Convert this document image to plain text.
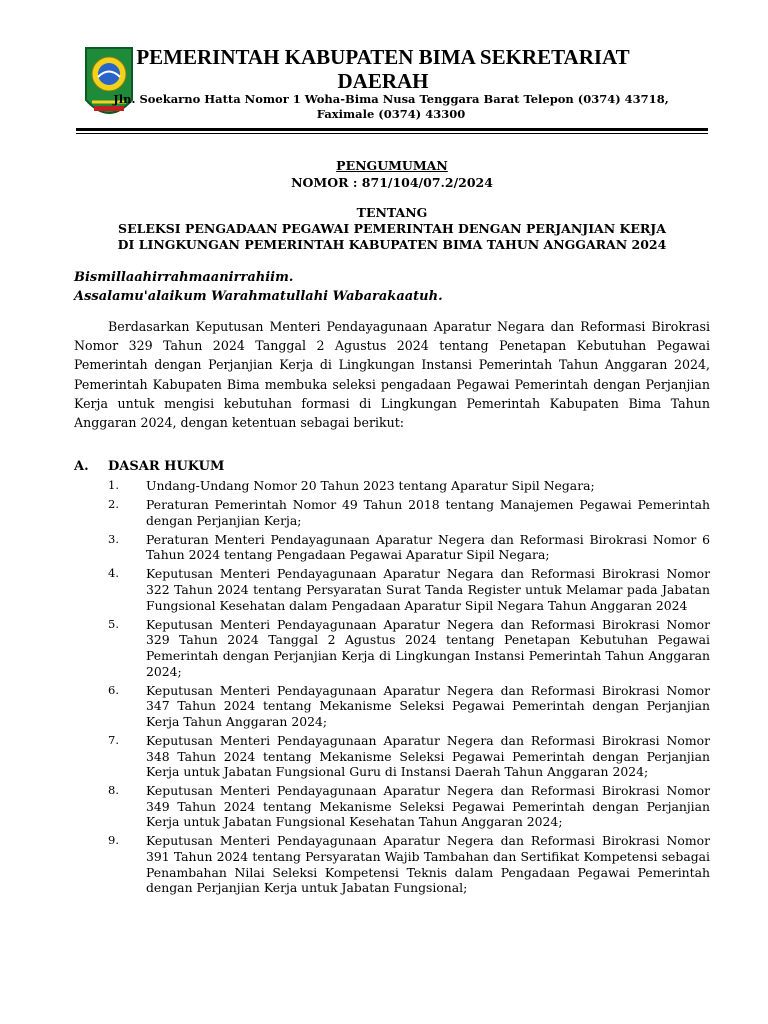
PEMERINTAH KABUPATEN BIMA SEKRETARIAT DAERAH
Jln. Soekarno Hatta Nomor 1 Woha-Bima Nusa Tenggara Barat Telepon (0374) 43718, Faximale (0374) 43300
PENGUMUMAN
NOMOR : 871/104/07.2/2024
TENTANG
SELEKSI PENGADAAN PEGAWAI PEMERINTAH DENGAN PERJANJIAN KERJA
DI LINGKUNGAN PEMERINTAH KABUPATEN BIMA TAHUN ANGGARAN 2024
Bismillaahirrahmaanirrahiim.
Assalamu'alaikum Warahmatullahi Wabarakaatuh.
Berdasarkan Keputusan Menteri Pendayagunaan Aparatur Negara dan Reformasi Birokrasi Nomor 329 Tahun 2024 Tanggal 2 Agustus 2024 tentang Penetapan Kebutuhan Pegawai Pemerintah dengan Perjanjian Kerja di Lingkungan Instansi Pemerintah Tahun Anggaran 2024, Pemerintah Kabupaten Bima membuka seleksi pengadaan Pegawai Pemerintah dengan Perjanjian Kerja untuk mengisi kebutuhan formasi di Lingkungan Pemerintah Kabupaten Bima Tahun Anggaran 2024, dengan ketentuan sebagai berikut:
A. DASAR HUKUM
1.	Undang-Undang Nomor 20 Tahun 2023 tentang Aparatur Sipil Negara;
2.	Peraturan Pemerintah Nomor 49 Tahun 2018 tentang Manajemen Pegawai Pemerintah dengan Perjanjian Kerja;
3.	Peraturan Menteri Pendayagunaan Aparatur Negera dan Reformasi Birokrasi Nomor 6 Tahun 2024 tentang Pengadaan Pegawai Aparatur Sipil Negara;
4.	Keputusan Menteri Pendayagunaan Aparatur Negara dan Reformasi Birokrasi Nomor 322 Tahun 2024 tentang Persyaratan Surat Tanda Register untuk Melamar pada Jabatan Fungsional Kesehatan dalam Pengadaan Aparatur Sipil Negara Tahun Anggaran 2024
5.	Keputusan Menteri Pendayagunaan Aparatur Negera dan Reformasi Birokrasi Nomor 329 Tahun 2024 Tanggal 2 Agustus 2024 tentang Penetapan Kebutuhan Pegawai Pemerintah dengan Perjanjian Kerja di Lingkungan Instansi Pemerintah Tahun Anggaran 2024;
6.	Keputusan Menteri Pendayagunaan Aparatur Negera dan Reformasi Birokrasi Nomor 347 Tahun 2024 tentang Mekanisme Seleksi Pegawai Pemerintah dengan Perjanjian Kerja Tahun Anggaran 2024;
7.	Keputusan Menteri Pendayagunaan Aparatur Negera dan Reformasi Birokrasi Nomor 348 Tahun 2024 tentang Mekanisme Seleksi Pegawai Pemerintah dengan Perjanjian Kerja untuk Jabatan Fungsional Guru di Instansi Daerah Tahun Anggaran 2024;
8.	Keputusan Menteri Pendayagunaan Aparatur Negera dan Reformasi Birokrasi Nomor 349 Tahun 2024 tentang Mekanisme Seleksi Pegawai Pemerintah dengan Perjanjian Kerja untuk Jabatan Fungsional Kesehatan Tahun Anggaran 2024;
9.	Keputusan Menteri Pendayagunaan Aparatur Negera dan Reformasi Birokrasi Nomor 391 Tahun 2024 tentang Persyaratan Wajib Tambahan dan Sertifikat Kompetensi sebagai Penambahan Nilai Seleksi Kompetensi Teknis dalam Pengadaan Pegawai Pemerintah dengan Perjanjian Kerja untuk Jabatan Fungsional;
